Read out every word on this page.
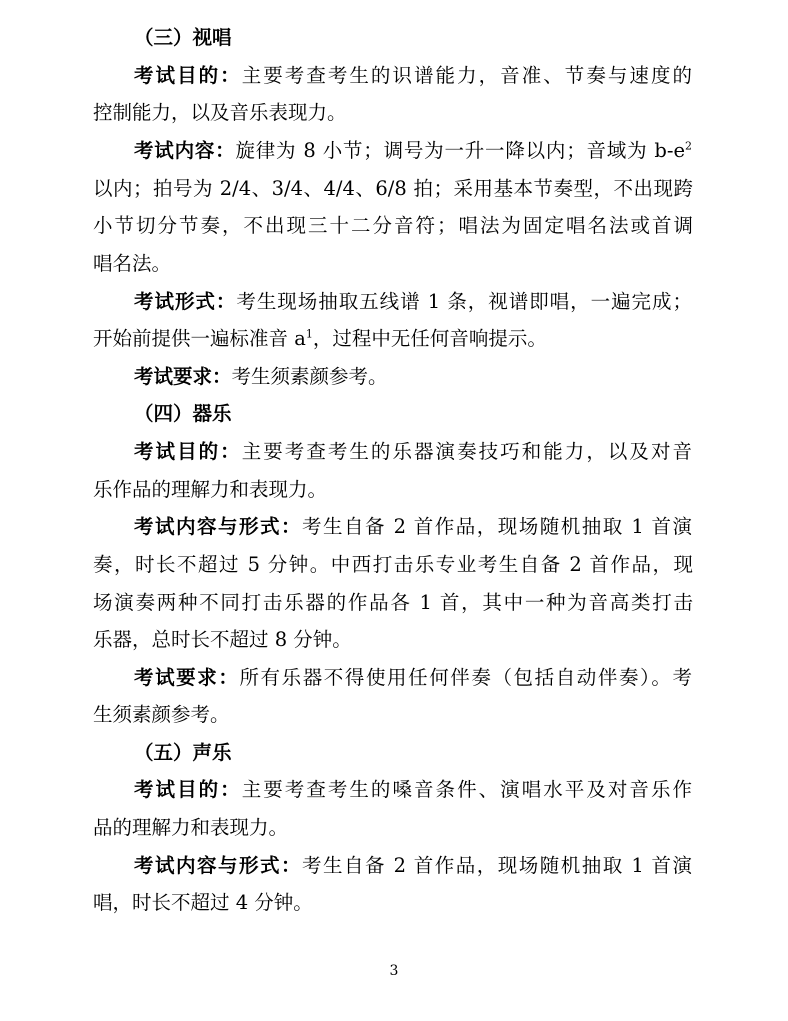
（三）视唱
考试目的：主要考查考生的识谱能力，音准、节奏与速度的
控制能力，以及音乐表现力。
考试内容：旋律为 8 小节；调号为一升一降以内；音域为 $b-e^2$
以内；拍号为 2/4、3/4、4/4、6/8 拍；采用基本节奏型，不出现跨
小节切分节奏，不出现三十二分音符；唱法为固定唱名法或首调
唱名法。
考试形式：考生现场抽取五线谱 1 条，视谱即唱，一遍完成；
开始前提供一遍标准音 $a^1$，过程中无任何音响提示。
考试要求：考生须素颜参考。
（四）器乐
考试目的：主要考查考生的乐器演奏技巧和能力，以及对音
乐作品的理解力和表现力。
考试内容与形式：考生自备 2 首作品，现场随机抽取 1 首演
奏，时长不超过 5 分钟。中西打击乐专业考生自备 2 首作品，现
场演奏两种不同打击乐器的作品各 1 首，其中一种为音高类打击
乐器，总时长不超过 8 分钟。
考试要求：所有乐器不得使用任何伴奏（包括自动伴奏）。考
生须素颜参考。
（五）声乐
考试目的：主要考查考生的嗓音条件、演唱水平及对音乐作
品的理解力和表现力。
考试内容与形式：考生自备 2 首作品，现场随机抽取 1 首演
唱，时长不超过 4 分钟。
3
